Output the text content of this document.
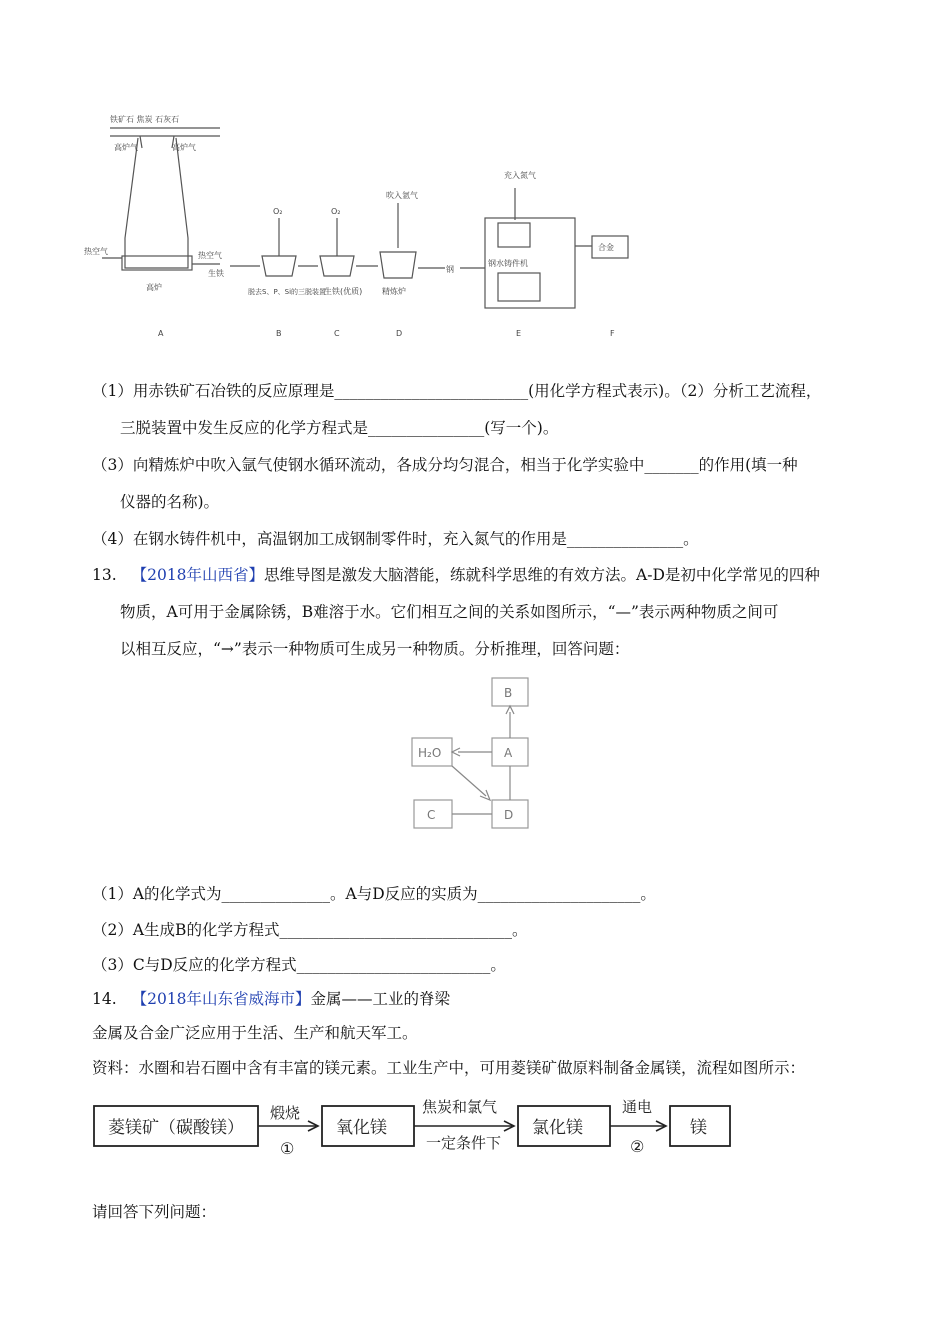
铁矿石 焦炭 石灰石
高炉气	高炉气
热空气	热空气
生铁
高炉
O₂	O₂
吹入氩气
充入氮气
脱去S、P、Si的三脱装置
生铁(优质) 精炼炉
钢
钢水铸件机
合金
A	B	C	D	E	F
（1）用赤铁矿石冶铁的反应原理是_________________________(用化学方程式表示)。（2）分析工艺流程，
三脱装置中发生反应的化学方程式是_______________(写一个)。
（3）向精炼炉中吹入氩气使钢水循环流动，各成分均匀混合，相当于化学实验中_______的作用(填一种
仪器的名称)。
（4）在钢水铸件机中，高温钢加工成钢制零件时，充入氮气的作用是_______________。
13. 【2018年山西省】思维导图是激发大脑潜能，练就科学思维的有效方法。A-D是初中化学常见的四种
物质，A可用于金属除锈，B难溶于水。它们相互之间的关系如图所示，“—”表示两种物质之间可
以相互反应，“→”表示一种物质可生成另一种物质。分析推理，回答问题：
B
H₂O	A
C	D
（1）A的化学式为______________。A与D反应的实质为_____________________。
（2）A生成B的化学方程式______________________________。
（3）C与D反应的化学方程式_________________________。
14. 【2018年山东省威海市】金属——工业的脊梁
金属及合金广泛应用于生活、生产和航天军工。
资料：水圈和岩石圈中含有丰富的镁元素。工业生产中，可用菱镁矿做原料制备金属镁，流程如图所示：
菱镁矿（碳酸镁）
煅烧
①
氧化镁
焦炭和氯气
一定条件下
氯化镁
通电
②
镁
请回答下列问题：
